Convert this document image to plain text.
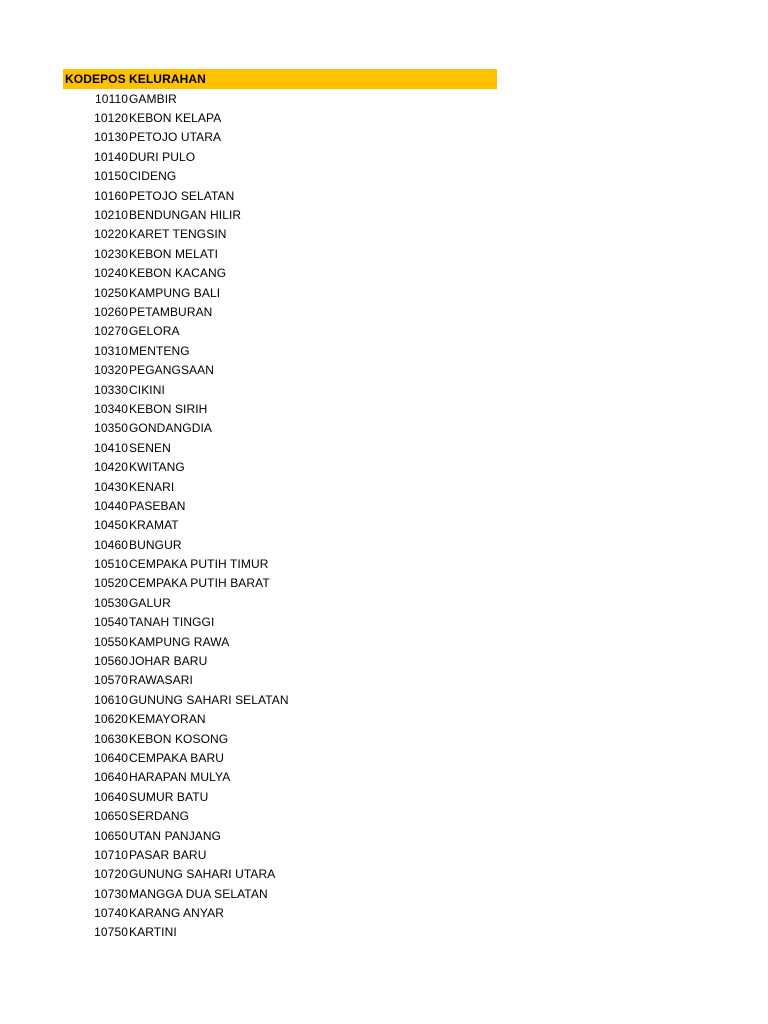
KODEPOS KELURAHAN
10110 GAMBIR
10120 KEBON KELAPA
10130 PETOJO UTARA
10140 DURI PULO
10150 CIDENG
10160 PETOJO SELATAN
10210 BENDUNGAN HILIR
10220 KARET TENGSIN
10230 KEBON MELATI
10240 KEBON KACANG
10250 KAMPUNG BALI
10260 PETAMBURAN
10270 GELORA
10310 MENTENG
10320 PEGANGSAAN
10330 CIKINI
10340 KEBON SIRIH
10350 GONDANGDIA
10410 SENEN
10420 KWITANG
10430 KENARI
10440 PASEBAN
10450 KRAMAT
10460 BUNGUR
10510 CEMPAKA PUTIH TIMUR
10520 CEMPAKA PUTIH BARAT
10530 GALUR
10540 TANAH TINGGI
10550 KAMPUNG RAWA
10560 JOHAR BARU
10570 RAWASARI
10610 GUNUNG SAHARI SELATAN
10620 KEMAYORAN
10630 KEBON KOSONG
10640 CEMPAKA BARU
10640 HARAPAN MULYA
10640 SUMUR BATU
10650 SERDANG
10650 UTAN PANJANG
10710 PASAR BARU
10720 GUNUNG SAHARI UTARA
10730 MANGGA DUA SELATAN
10740 KARANG ANYAR
10750 KARTINI
